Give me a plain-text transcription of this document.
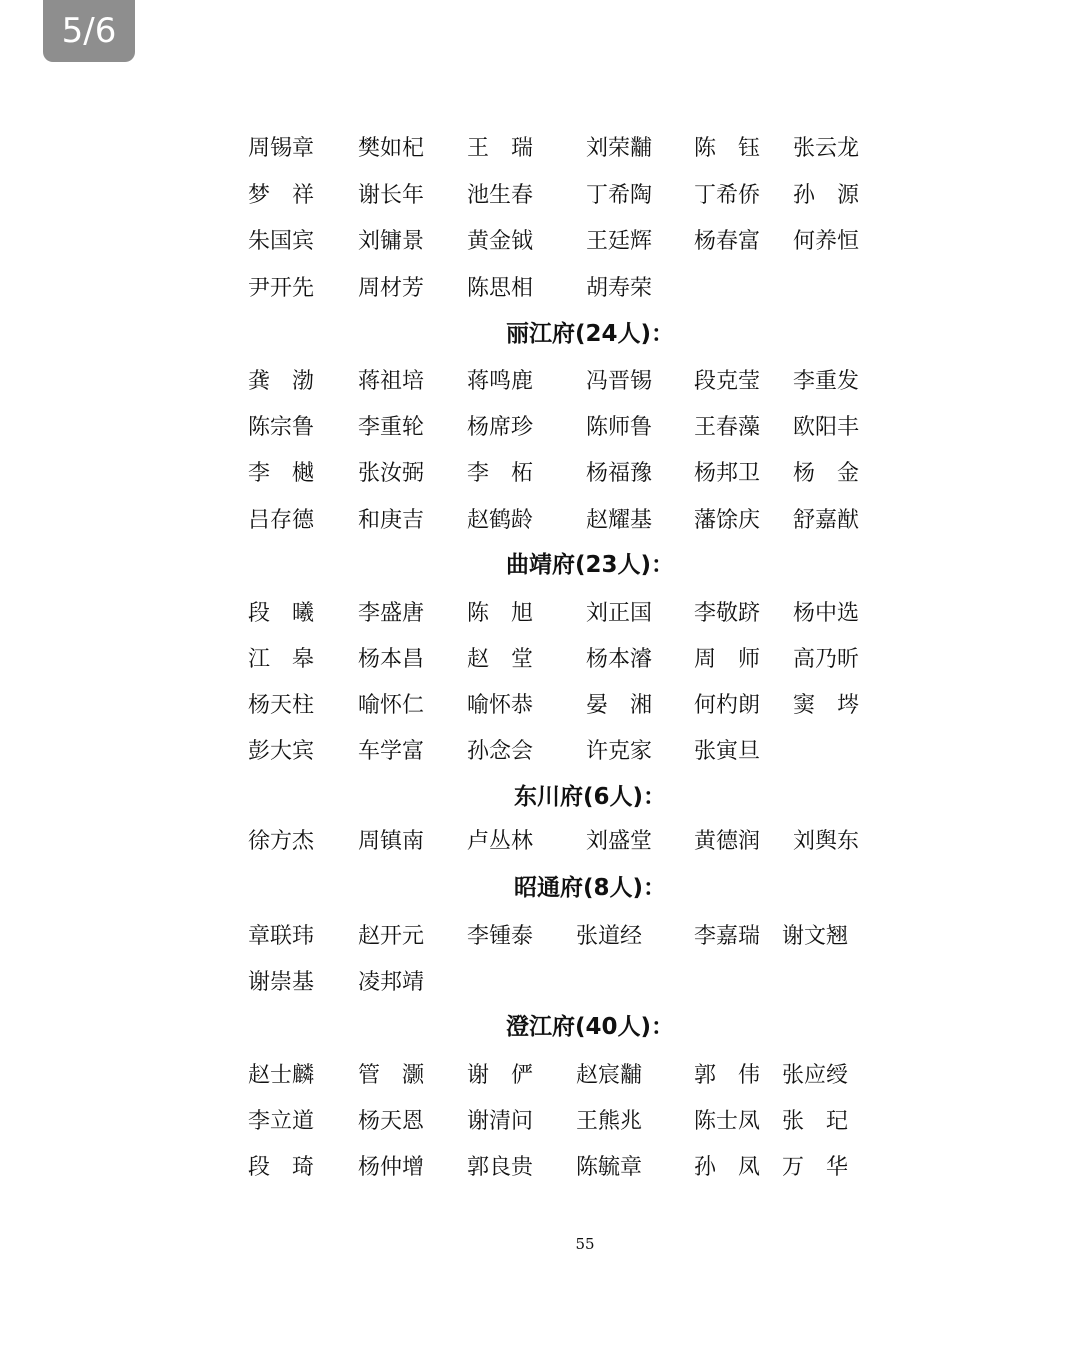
5/6
周锡章 樊如杞 王　瑞 刘荣黼 陈　钰 张云龙
梦　祥 谢长年 池生春 丁希陶 丁希侨 孙　源
朱国宾 刘镛景 黄金钺 王廷辉 杨春富 何养恒
尹开先 周材芳 陈思相 胡寿荣
丽江府(24人)：
龚　渤 蒋祖培 蒋鸣鹿 冯晋锡 段克莹 李重发
陈宗鲁 李重轮 杨席珍 陈师鲁 王春藻 欧阳丰
李　樾 张汝弼 李　柘 杨福豫 杨邦卫 杨　金
吕存德 和庚吉 赵鹤龄 赵耀基 藩馀庆 舒嘉猷
曲靖府(23人)：
段　曦 李盛唐 陈　旭 刘正国 李敬跻 杨中选
江　皋 杨本昌 赵　堂 杨本濬 周　师 高乃昕
杨天柱 喻怀仁 喻怀恭 晏　湘 何杓朗 窦　埁
彭大宾 车学富 孙念会 许克家 张寅旦
东川府(6人)：
徐方杰 周镇南 卢丛林 刘盛堂 黄德润 刘舆东
昭通府(8人)：
章联玮 赵开元 李锺泰 张道经 李嘉瑞 谢文翘
谢崇基 凌邦靖
澄江府(40人)：
赵士麟 管　灏 谢　俨 赵宸黼 郭　伟 张应绶
李立道 杨天恩 谢清问 王熊兆 陈士凤 张　玘
段　琦 杨仲增 郭良贵 陈毓章 孙　凤 万　华
55
